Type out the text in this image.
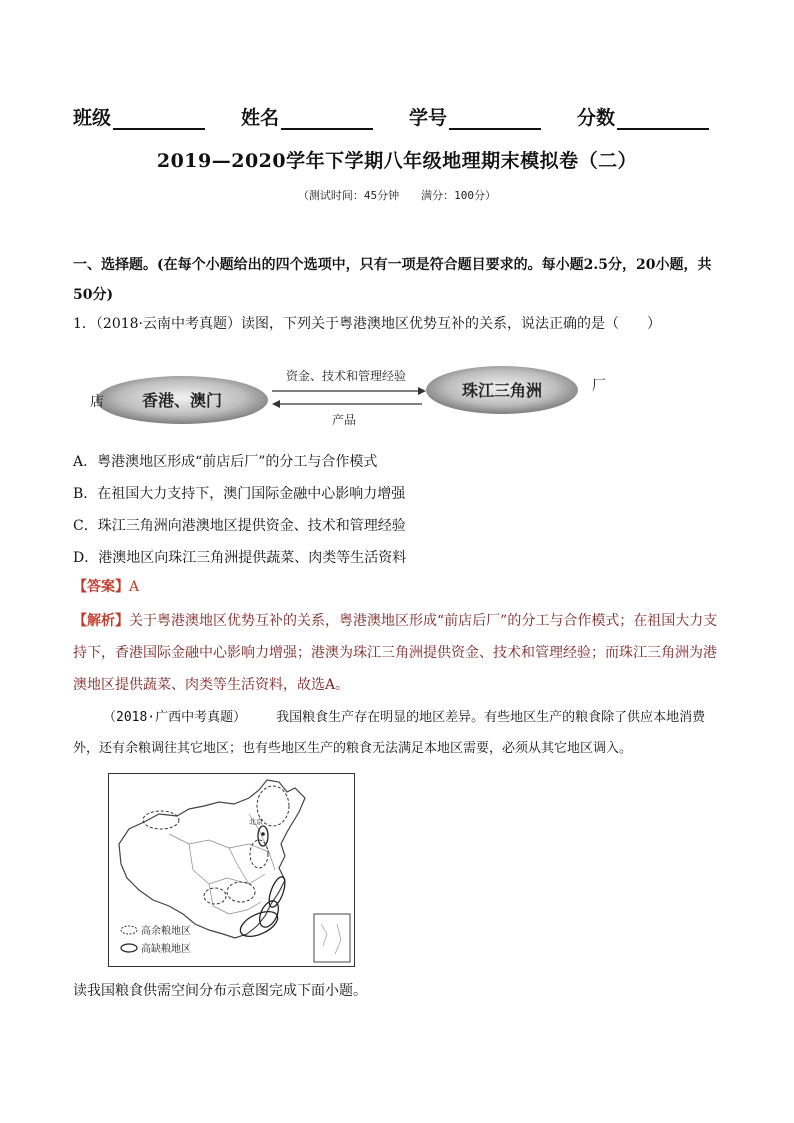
班级	姓名	学号	分数
2019—2020学年下学期八年级地理期末模拟卷（二）
（测试时间：45分钟　　满分：100分）
一、选择题。(在每个小题给出的四个选项中，只有一项是符合题目要求的。每小题2.5分，20小题，共50分)
1．（2018·云南中考真题）读图，下列关于粤港澳地区优势互补的关系，说法正确的是（　　）
店 香港、澳门
珠江三角洲	厂
资金、技术和管理经验
产品
A．粤港澳地区形成“前店后厂”的分工与合作模式
B．在祖国大力支持下，澳门国际金融中心影响力增强
C．珠江三角洲向港澳地区提供资金、技术和管理经验
D．港澳地区向珠江三角洲提供蔬菜、肉类等生活资料
【答案】A
【解析】关于粤港澳地区优势互补的关系，粤港澳地区形成“前店后厂”的分工与合作模式；在祖国大力支持下，香港国际金融中心影响力增强；港澳为珠江三角洲提供资金、技术和管理经验；而珠江三角洲为港澳地区提供蔬菜、肉类等生活资料，故选A。
（2018·广西中考真题） 我国粮食生产存在明显的地区差异。有些地区生产的粮食除了供应本地消费外，还有余粮调往其它地区；也有些地区生产的粮食无法满足本地区需要，必须从其它地区调入。
北京
高余粮地区
高缺粮地区
读我国粮食供需空间分布示意图完成下面小题。
